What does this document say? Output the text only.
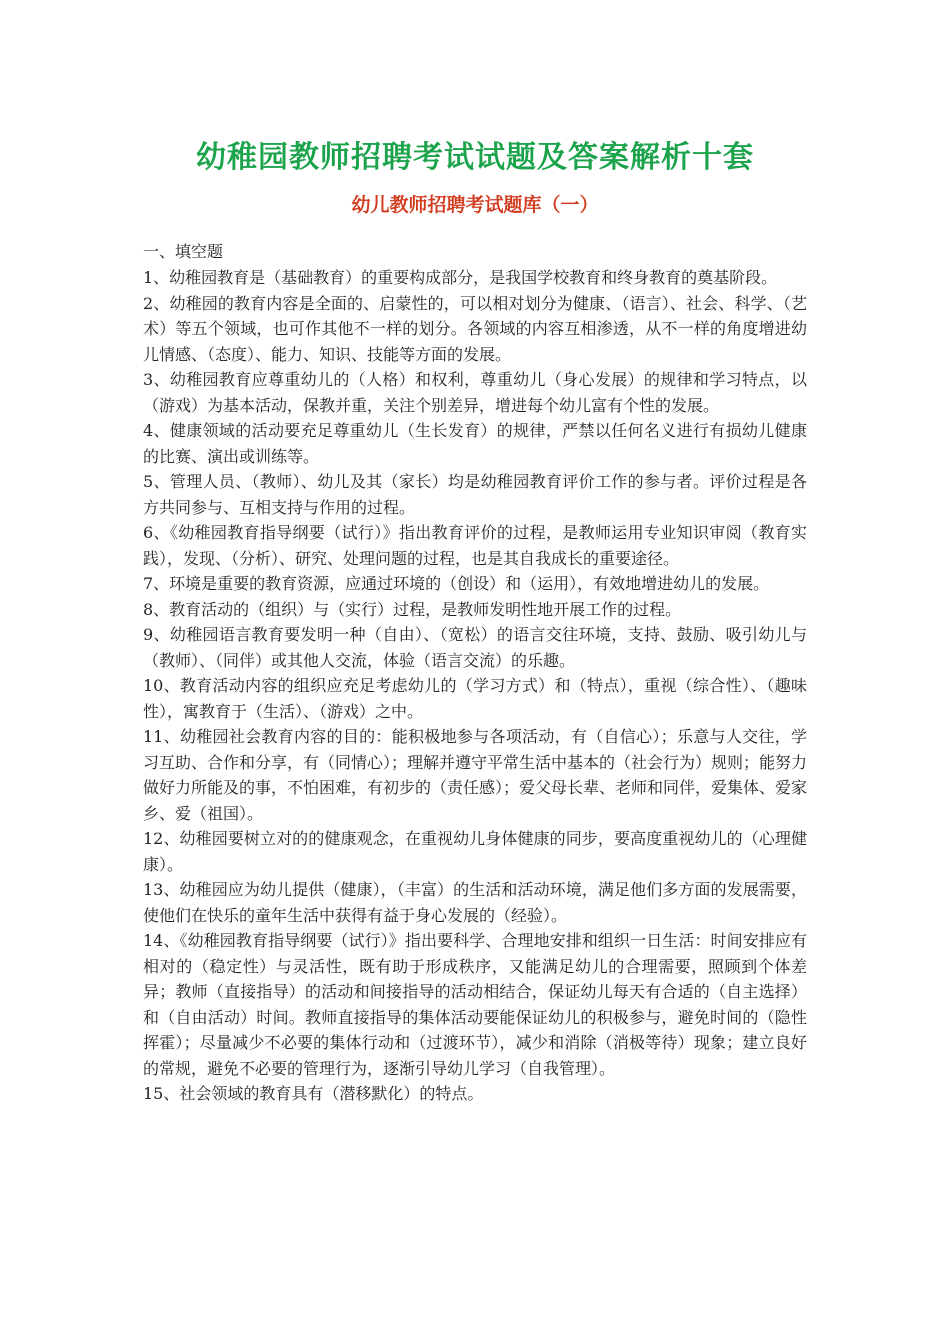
幼稚园教师招聘考试试题及答案解析十套
幼儿教师招聘考试题库（一）

一、填空题

1、幼稚园教育是（基础教育）的重要构成部分，是我国学校教育和终身教育的奠基阶段。

2、幼稚园的教育内容是全面的、启蒙性的，可以相对划分为健康、（语言）、社会、科学、（艺术）等五个领域，也可作其他不一样的划分。各领域的内容互相渗透，从不一样的角度增进幼儿情感、（态度）、能力、知识、技能等方面的发展。

3、幼稚园教育应尊重幼儿的（人格）和权利，尊重幼儿（身心发展）的规律和学习特点，以（游戏）为基本活动，保教并重，关注个别差异，增进每个幼儿富有个性的发展。

4、健康领域的活动要充足尊重幼儿（生长发育）的规律，严禁以任何名义进行有损幼儿健康的比赛、演出或训练等。

5、管理人员、（教师）、幼儿及其（家长）均是幼稚园教育评价工作的参与者。评价过程是各方共同参与、互相支持与作用的过程。

6、《幼稚园教育指导纲要（试行）》指出教育评价的过程，是教师运用专业知识审阅（教育实践），发现、（分析）、研究、处理问题的过程，也是其自我成长的重要途径。

7、环境是重要的教育资源，应通过环境的（创设）和（运用），有效地增进幼儿的发展。

8、教育活动的（组织）与（实行）过程，是教师发明性地开展工作的过程。

9、幼稚园语言教育要发明一种（自由）、（宽松）的语言交往环境，支持、鼓励、吸引幼儿与（教师）、（同伴）或其他人交流，体验（语言交流）的乐趣。

10、教育活动内容的组织应充足考虑幼儿的（学习方式）和（特点），重视（综合性）、（趣味性），寓教育于（生活）、（游戏）之中。

11、幼稚园社会教育内容的目的：能积极地参与各项活动，有（自信心）；乐意与人交往，学习互助、合作和分享，有（同情心）；理解并遵守平常生活中基本的（社会行为）规则；能努力做好力所能及的事，不怕困难，有初步的（责任感）；爱父母长辈、老师和同伴，爱集体、爱家乡、爱（祖国）。

12、幼稚园要树立对的的健康观念，在重视幼儿身体健康的同步，要高度重视幼儿的（心理健康）。

13、幼稚园应为幼儿提供（健康），（丰富）的生活和活动环境，满足他们多方面的发展需要，使他们在快乐的童年生活中获得有益于身心发展的（经验）。

14、《幼稚园教育指导纲要（试行）》指出要科学、合理地安排和组织一日生活：时间安排应有相对的（稳定性）与灵活性，既有助于形成秩序，又能满足幼儿的合理需要，照顾到个体差异；教师（直接指导）的活动和间接指导的活动相结合，保证幼儿每天有合适的（自主选择）和（自由活动）时间。教师直接指导的集体活动要能保证幼儿的积极参与，避免时间的（隐性挥霍）；尽量减少不必要的集体行动和（过渡环节），减少和消除（消极等待）现象；建立良好的常规，避免不必要的管理行为，逐渐引导幼儿学习（自我管理）。

15、社会领域的教育具有（潜移默化）的特点。
